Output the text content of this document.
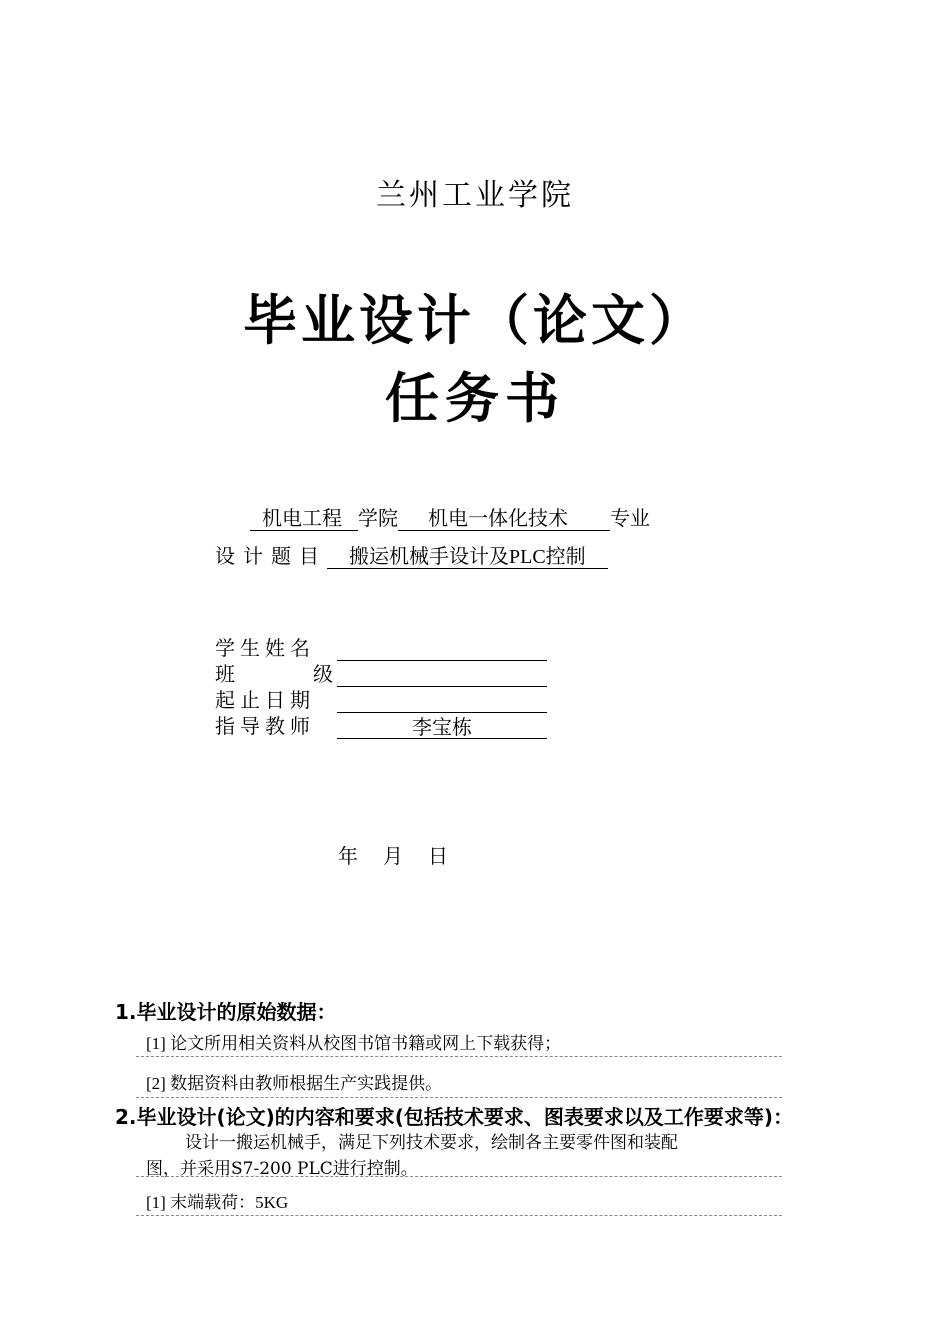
兰州工业学院
毕业设计（论文）
任务书
机电工程 学院 机电一体化技术 专业
设计题目 搬运机械手设计及PLC控制
学 生 姓 名
班	级
起 止 日 期
指 导 教 师	李宝栋
年 月 日
1.毕业设计的原始数据：
[1] 论文所用相关资料从校图书馆书籍或网上下载获得；
[2] 数据资料由教师根据生产实践提供。
2.毕业设计(论文)的内容和要求(包括技术要求、图表要求以及工作要求等)：
设计一搬运机械手，满足下列技术要求，绘制各主要零件图和装配
图，并采用S7-200 PLC进行控制。
[1] 末端载荷：5KG
